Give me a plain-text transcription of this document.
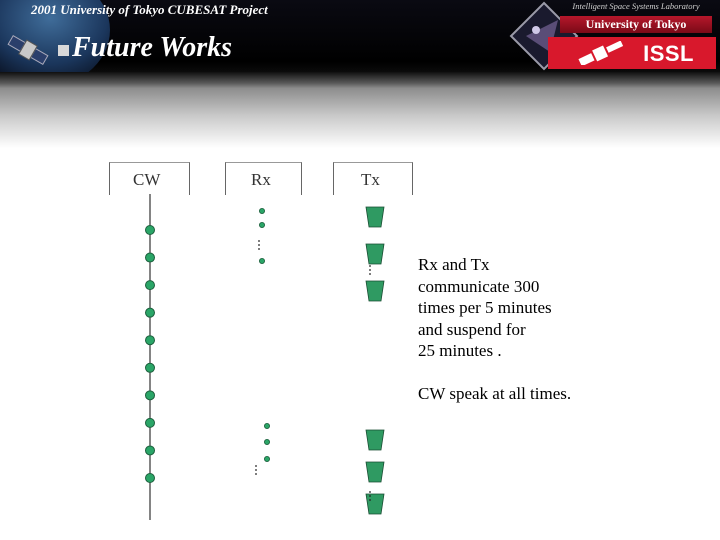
2001 University of Tokyo CUBESAT Project
Future Works
Intelligent Space Systems Laboratory
University of Tokyo
ISSL
CW	Rx	Tx

Rx and Tx

communicate 300

times per 5 minutes

and suspend for

25 minutes .

CW speak at all times.
